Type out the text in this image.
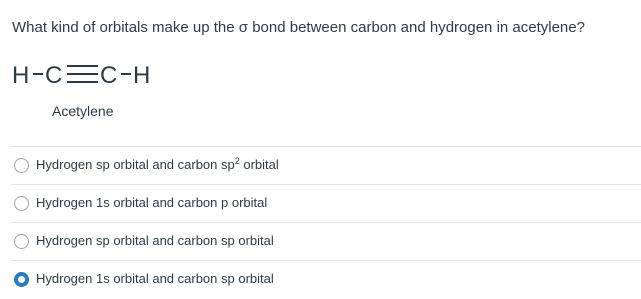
What kind of orbitals make up the σ bond between carbon and hydrogen in acetylene?
H C C H
Acetylene
Hydrogen sp orbital and carbon $sp^2$ orbital
Hydrogen 1s orbital and carbon p orbital
Hydrogen sp orbital and carbon sp orbital
Hydrogen 1s orbital and carbon sp orbital
